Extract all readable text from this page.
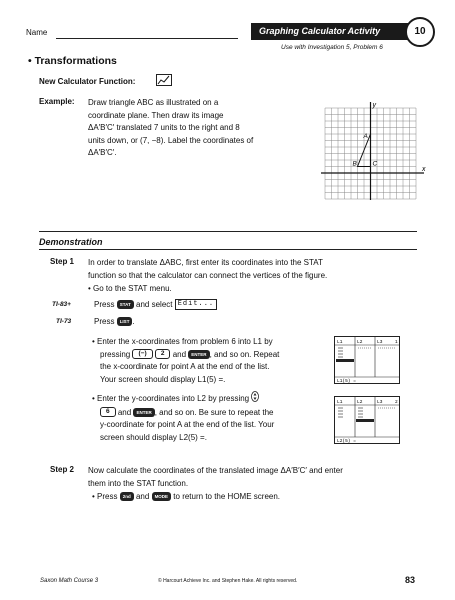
Name	Graphing Calculator Activity	10
Use with Investigation 5, Problem 6
• Transformations
New Calculator Function:
Example: Draw triangle ABC as illustrated on a
coordinate plane. Then draw its image
ΔA′B′C′ translated 7 units to the right and 8
units down, or (7, −8). Label the coordinates of
ΔA′B′C′.
y
x
A
B C
Demonstration
Step 1 In order to translate ΔABC, first enter its coordinates into the STAT
function so that the calculator can connect the vertices of the figure.
• Go to the STAT menu.
TI-83+	Press STAT and select Edit...
TI-73	Press LIST .
• Enter the x-coordinates from problem 6 into L1 by
pressing (−) 2 and ENTER , and so on. Repeat
the x-coordinate for point A at the end of the list.
Your screen should display L1(5) =.
L1	L2	L3	1
L1(5) =
• Enter the y-coordinates into L2 by pressing
6 and ENTER , and so on. Be sure to repeat the
y-coordinate for point A at the end of the list. Your
screen should display L2(5) =.
L1	L2	L3	2
L2(5) =
Step 2 Now calculate the coordinates of the translated image ΔA′B′C′ and enter
them into the STAT function.
• Press 2nd and MODE to return to the HOME screen.
Saxon Math Course 3	© Harcourt Achieve Inc. and Stephen Hake. All rights reserved.	83
